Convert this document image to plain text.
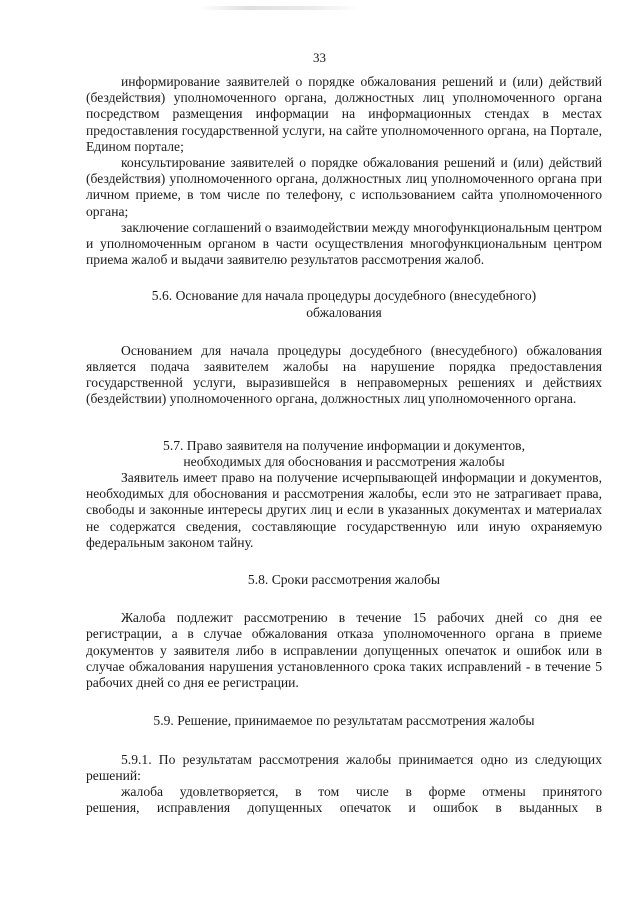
33

информирование заявителей о порядке обжалования решений и (или) действий (бездействия) уполномоченного органа, должностных лиц уполномоченного органа посредством размещения информации на информационных стендах в местах предоставления государственной услуги, на сайте уполномоченного органа, на Портале, Едином портале;

консультирование заявителей о порядке обжалования решений и (или) действий (бездействия) уполномоченного органа, должностных лиц уполномоченного органа при личном приеме, в том числе по телефону, с использованием сайта уполномоченного органа;

заключение соглашений о взаимодействии между многофункциональным центром и уполномоченным органом в части осуществления многофункциональным центром приема жалоб и выдачи заявителю результатов рассмотрения жалоб.

5.6. Основание для начала процедуры досудебного (внесудебного)
обжалования

Основанием для начала процедуры досудебного (внесудебного) обжалования является подача заявителем жалобы на нарушение порядка предоставления государственной услуги, выразившейся в неправомерных решениях и действиях (бездействии) уполномоченного органа, должностных лиц уполномоченного органа.

5.7. Право заявителя на получение информации и документов,
необходимых для обоснования и рассмотрения жалобы

Заявитель имеет право на получение исчерпывающей информации и документов, необходимых для обоснования и рассмотрения жалобы, если это не затрагивает права, свободы и законные интересы других лиц и если в указанных документах и материалах не содержатся сведения, составляющие государственную или иную охраняемую федеральным законом тайну.

5.8. Сроки рассмотрения жалобы

Жалоба подлежит рассмотрению в течение 15 рабочих дней со дня ее регистрации, а в случае обжалования отказа уполномоченного органа в приеме документов у заявителя либо в исправлении допущенных опечаток и ошибок или в случае обжалования нарушения установленного срока таких исправлений - в течение 5 рабочих дней со дня ее регистрации.

5.9. Решение, принимаемое по результатам рассмотрения жалобы

5.9.1. По результатам рассмотрения жалобы принимается одно из следующих решений:

жалоба удовлетворяется, в том числе в форме отмены принятого
решения, исправления допущенных опечаток и ошибок в выданных в
